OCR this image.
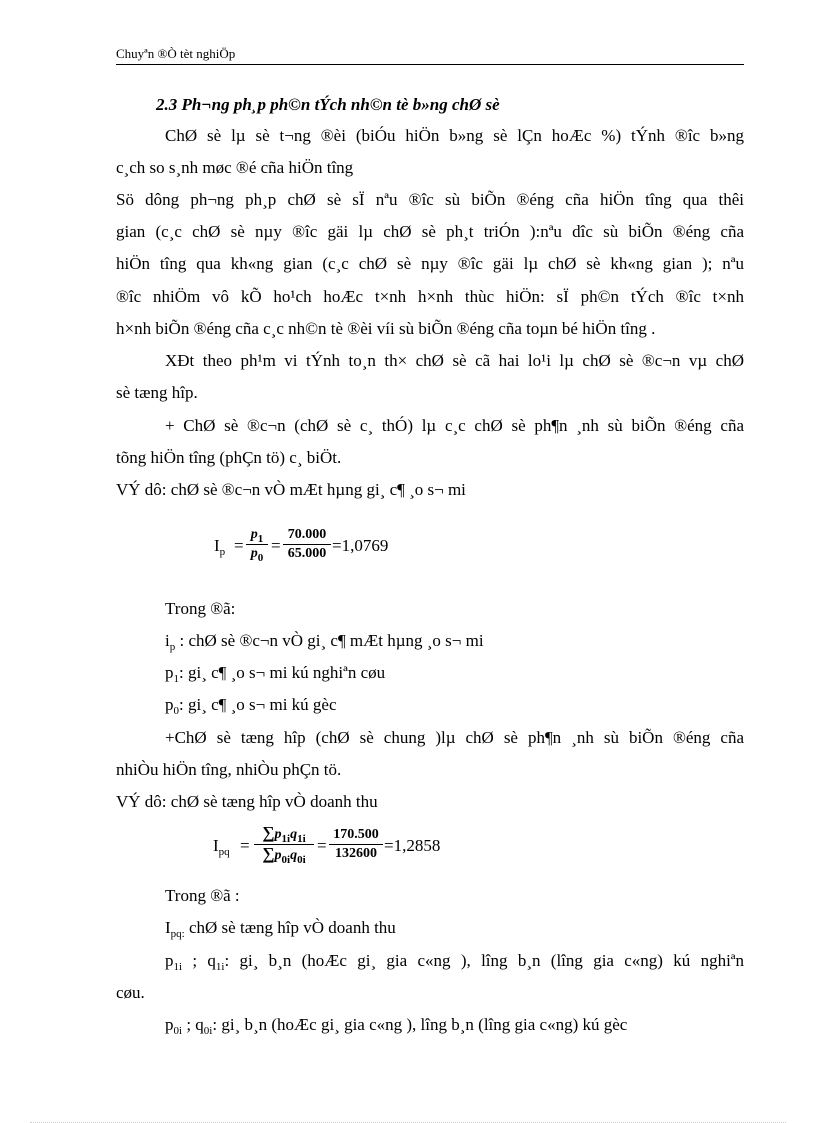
Chuyªn ®Ò tèt nghiÖp
2.3 Ph¬ng ph¸p ph©n tÝch nh©n tè b»ng chØ sè
ChØ sè lµ sè t¬ng ®èi (biÓu hiÖn b»ng sè lÇn hoÆc %) tÝnh ®îc b»ng
c¸ch so s¸nh møc ®é cña hiÖn tîng
Sö dông ph¬ng ph¸p chØ sè sÏ nªu ®îc sù biÕn ®éng cña hiÖn tîng qua thêi
gian (c¸c chØ sè nµy ®îc gäi lµ chØ sè ph¸t triÓn ):nªu dîc sù biÕn ®éng cña
hiÖn tîng qua kh«ng gian (c¸c chØ sè nµy ®îc gäi lµ chØ sè kh«ng gian ); nªu
®îc nhiÖm vô kÕ ho¹ch hoÆc t×nh h×nh thùc hiÖn: sÏ ph©n tÝch ®îc t×nh
h×nh biÕn ®éng cña c¸c nh©n tè ®èi víi sù biÕn ®éng cña toµn bé hiÖn tîng .
XÐt theo ph¹m vi tÝnh to¸n th× chØ sè cã hai lo¹i lµ chØ sè ®c¬n vµ chØ
sè tæng hîp.
+ ChØ sè ®c¬n (chØ sè c¸ thÓ) lµ c¸c chØ sè ph¶n ¸nh sù biÕn ®éng cña
tõng hiÖn tîng (phÇn tö) c¸ biÖt.
VÝ dô: chØ sè ®c¬n vÒ mÆt hµng gi¸ c¶ ¸o s¬ mi
$I_p$ =
$p_1$
$p_0$
=
70.000
65.000 =1,0769
Trong ®ã:
$i_p$ : chØ sè ®c¬n vÒ gi¸ c¶ mÆt hµng ¸o s¬ mi
$p_1$: gi¸ c¶ ¸o s¬ mi kú nghiªn cøu
$p_0$: gi¸ c¶ ¸o s¬ mi kú gèc
+ChØ sè tæng hîp (chØ sè chung )lµ chØ sè ph¶n ¸nh sù biÕn ®éng cña
nhiÒu hiÖn tîng, nhiÒu phÇn tö.
VÝ dô: chØ sè tæng hîp vÒ doanh thu
$I_{pq}$ =
$\sum p_{1i}q_{1i}$
$\sum p_{0i}q_{0i}$
=
170.500
132600 =1,2858
Trong ®ã :
$I_{pq:}$ chØ sè tæng hîp vÒ doanh thu
$p_{1i}$ ; $q_{1i}$: gi¸ b¸n (hoÆc gi¸ gia c«ng ), lîng b¸n (lîng gia c«ng) kú nghiªn
cøu.
$p_{0i}$ ; $q_{0i}$: gi¸ b¸n (hoÆc gi¸ gia c«ng ), lîng b¸n (lîng gia c«ng) kú gèc
